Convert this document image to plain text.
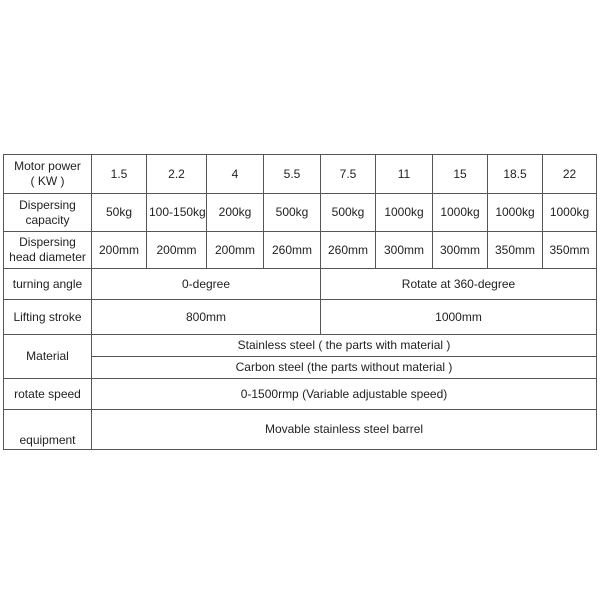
Motor power
( KW )	1.5	2.2	4	5.5	7.5	11	15	18.5	22
Dispersing
capacity	50kg	100-150kg	200kg	500kg	500kg	1000kg	1000kg	1000kg	1000kg
Dispersing
head diameter	200mm	200mm	200mm	260mm	260mm	300mm	300mm	350mm	350mm
turning angle	0-degree				Rotate at 360-degree				
Lifting stroke	800mm				1000mm				
Material	Stainless steel ( the parts with material )								
	Carbon steel (the parts without material )								
rotate speed	0-1500rmp (Variable adjustable speed)								
equipment	Movable stainless steel barrel								
